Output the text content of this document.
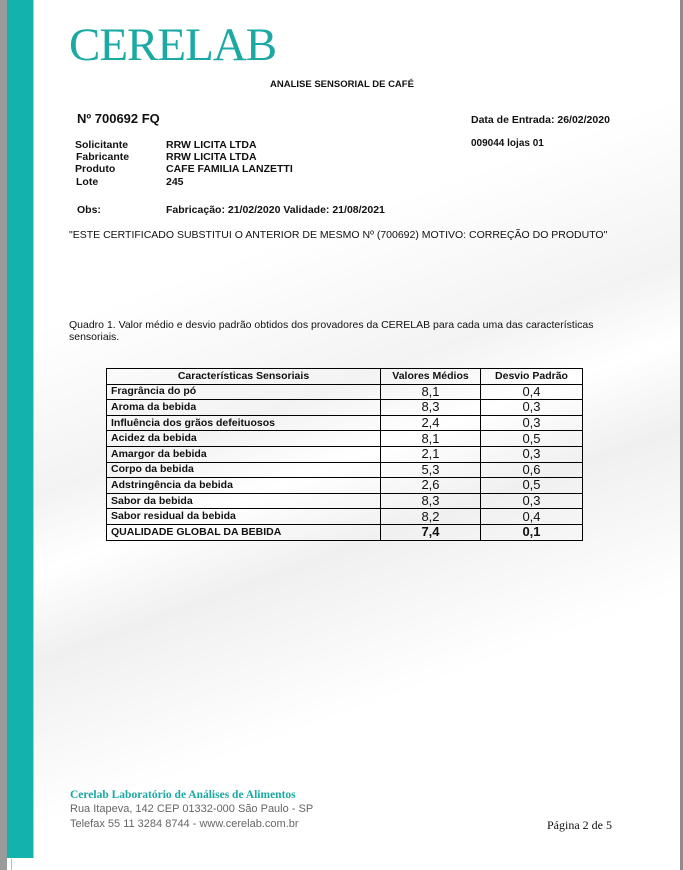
CERELAB
ANALISE SENSORIAL DE CAFÉ
Nº 700692 FQ	Data de Entrada: 26/02/2020
009044 lojas 01
Solicitante	RRW LICITA LTDA
Fabricante	RRW LICITA LTDA
Produto	CAFE FAMILIA LANZETTI
Lote	245
Obs:	Fabricação: 21/02/2020 Validade: 21/08/2021
"ESTE CERTIFICADO SUBSTITUI O ANTERIOR DE MESMO Nº (700692) MOTIVO: CORREÇÃO DO PRODUTO"
Quadro 1. Valor médio e desvio padrão obtidos dos provadores da CERELAB para cada uma das características sensoriais.
Características Sensoriais	Valores Médios	Desvio Padrão
Fragrância do pó	8,1	0,4
Aroma da bebida	8,3	0,3
Influência dos grãos defeituosos	2,4	0,3
Acidez da bebida	8,1	0,5
Amargor da bebida	2,1	0,3
Corpo da bebida	5,3	0,6
Adstringência da bebida	2,6	0,5
Sabor da bebida	8,3	0,3
Sabor residual da bebida	8,2	0,4
QUALIDADE GLOBAL DA BEBIDA	7,4	0,1
Cerelab Laboratório de Análises de Alimentos
Rua Itapeva, 142 CEP 01332-000 São Paulo - SP
Telefax 55 11 3284 8744 - www.cerelab.com.br	Página 2 de 5
